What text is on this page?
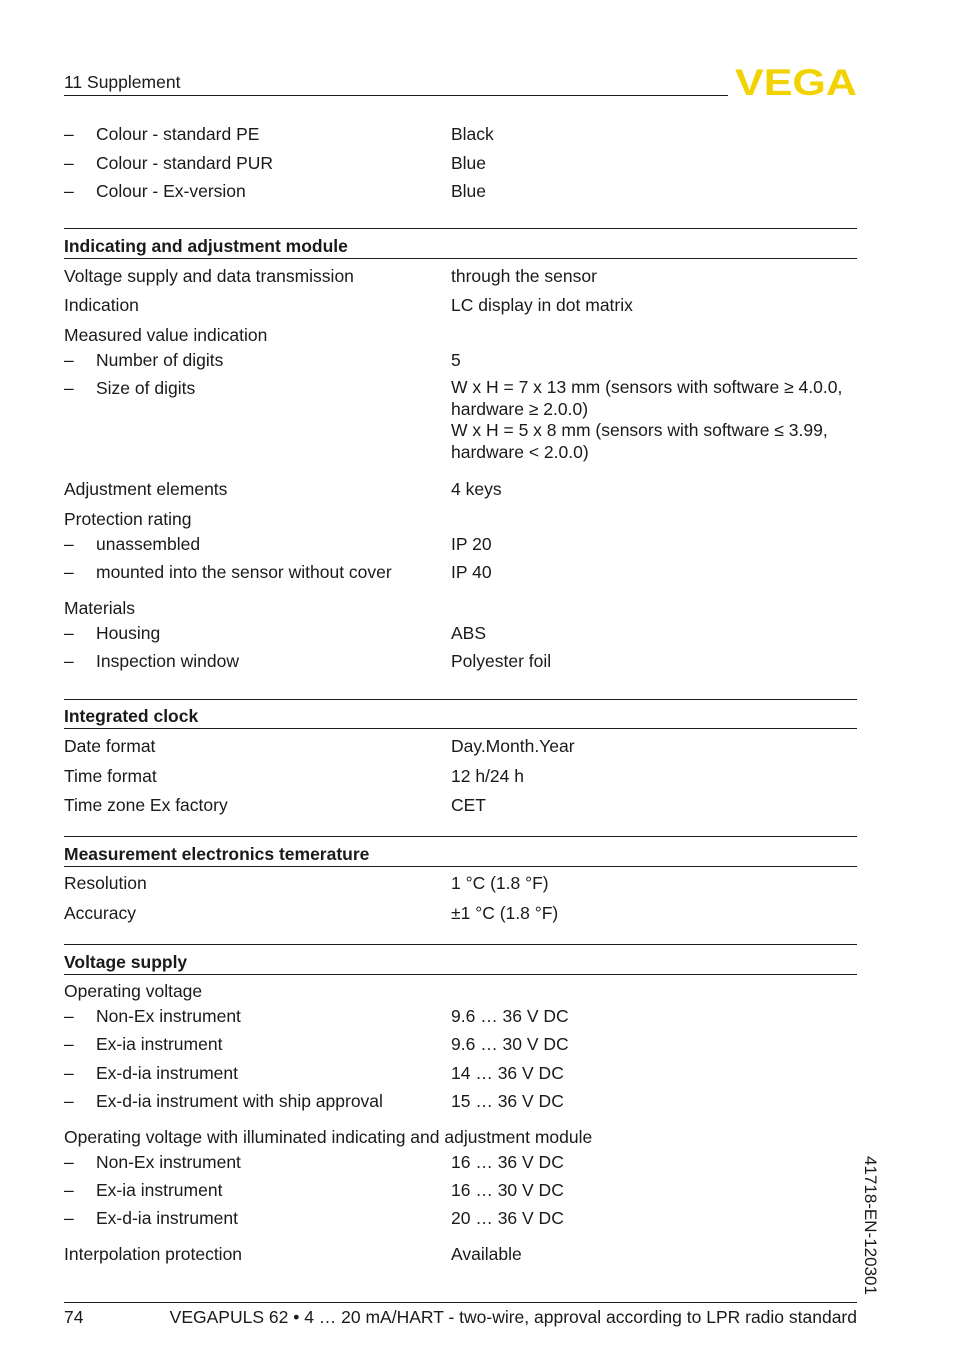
11 Supplement	VEGA
– Colour - standard PE	Black
– Colour - standard PUR	Blue
– Colour - Ex-version	Blue
Indicating and adjustment module
Voltage supply and data transmission	through the sensor
Indication	LC display in dot matrix
Measured value indication
– Number of digits	5
– Size of digits	W x H = 7 x 13 mm (sensors with software ≥ 4.0.0, hardware ≥ 2.0.0)
W x H = 5 x 8 mm (sensors with software ≤ 3.99, hardware < 2.0.0)
Adjustment elements	4 keys
Protection rating
– unassembled	IP 20
– mounted into the sensor without cover	IP 40
Materials
– Housing	ABS
– Inspection window	Polyester foil
Integrated clock
Date format	Day.Month.Year
Time format	12 h/24 h
Time zone Ex factory	CET
Measurement electronics temerature
Resolution	1 °C (1.8 °F)
Accuracy	±1 °C (1.8 °F)
Voltage supply
Operating voltage
– Non-Ex instrument	9.6 … 36 V DC
– Ex-ia instrument	9.6 … 30 V DC
– Ex-d-ia instrument	14 … 36 V DC
– Ex-d-ia instrument with ship approval	15 … 36 V DC
Operating voltage with illuminated indicating and adjustment module
– Non-Ex instrument	16 … 36 V DC
– Ex-ia instrument	16 … 30 V DC
– Ex-d-ia instrument	20 … 36 V DC
Interpolation protection	Available	41718-EN-120301
74	VEGAPULS 62 • 4 … 20 mA/HART - two-wire, approval according to LPR radio standard
